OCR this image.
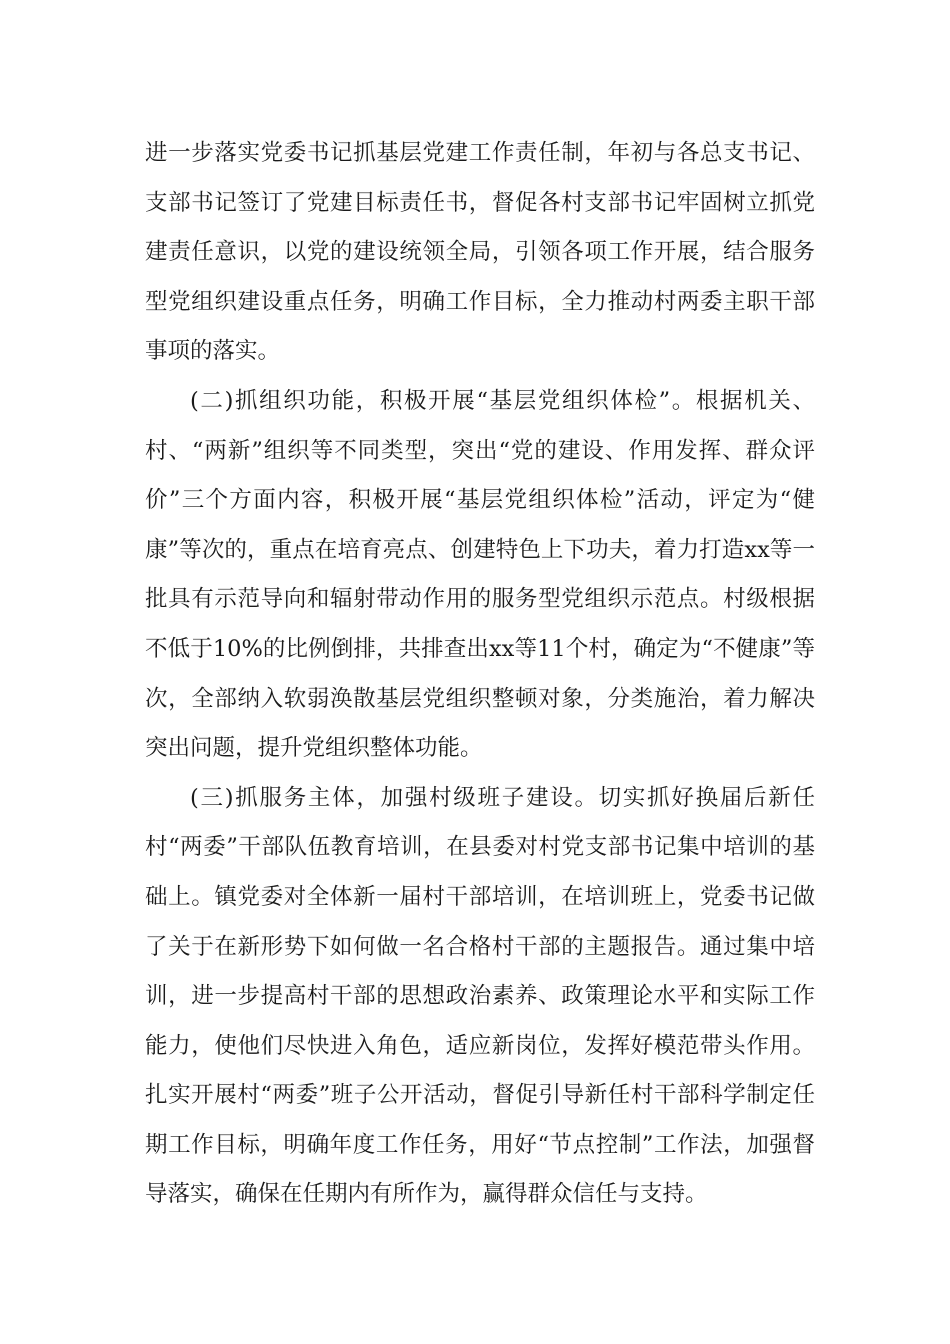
进一步落实党委书记抓基层党建工作责任制，年初与各总支书记、支部书记签订了党建目标责任书，督促各村支部书记牢固树立抓党建责任意识，以党的建设统领全局，引领各项工作开展，结合服务型党组织建设重点任务，明确工作目标，全力推动村两委主职干部事项的落实。

(二)抓组织功能，积极开展“基层党组织体检”。根据机关、村、“两新”组织等不同类型，突出“党的建设、作用发挥、群众评价”三个方面内容，积极开展“基层党组织体检”活动，评定为“健康”等次的，重点在培育亮点、创建特色上下功夫，着力打造xx等一批具有示范导向和辐射带动作用的服务型党组织示范点。村级根据不低于10%的比例倒排，共排查出xx等11个村，确定为“不健康”等次，全部纳入软弱涣散基层党组织整顿对象，分类施治，着力解决突出问题，提升党组织整体功能。

(三)抓服务主体，加强村级班子建设。切实抓好换届后新任村“两委”干部队伍教育培训，在县委对村党支部书记集中培训的基础上。镇党委对全体新一届村干部培训，在培训班上，党委书记做了关于在新形势下如何做一名合格村干部的主题报告。通过集中培训，进一步提高村干部的思想政治素养、政策理论水平和实际工作能力，使他们尽快进入角色，适应新岗位，发挥好模范带头作用。扎实开展村“两委”班子公开活动，督促引导新任村干部科学制定任期工作目标，明确年度工作任务，用好“节点控制”工作法，加强督导落实，确保在任期内有所作为，赢得群众信任与支持。
